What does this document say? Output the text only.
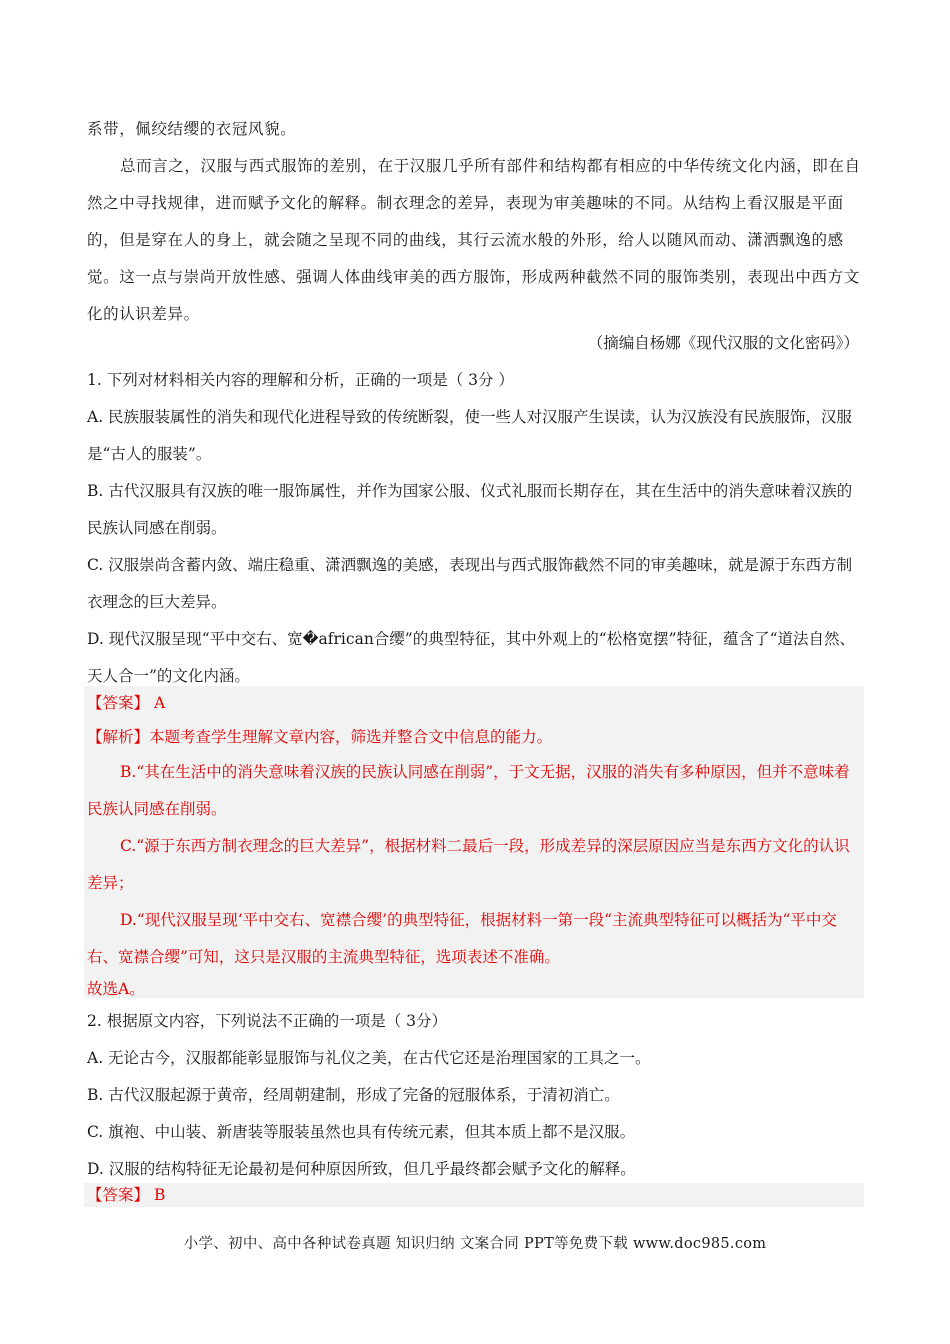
系带，佩绞结缨的衣冠风貌。

总而言之，汉服与西式服饰的差别，在于汉服几乎所有部件和结构都有相应的中华传统文化内涵，即在自然之中寻找规律，进而赋予文化的解释。制衣理念的差异，表现为审美趣味的不同。从结构上看汉服是平面的，但是穿在人的身上，就会随之呈现不同的曲线，其行云流水般的外形，给人以随风而动、潇洒飘逸的感觉。这一点与崇尚开放性感、强调人体曲线审美的西方服饰，形成两种截然不同的服饰类别，表现出中西方文化的认识差异。

（摘编自杨娜《现代汉服的文化密码》）

1. 下列对材料相关内容的理解和分析，正确的一项是（ 3分 ）

A. 民族服装属性的消失和现代化进程导致的传统断裂，使一些人对汉服产生误读，认为汉族没有民族服饰，汉服是“古人的服装”。

B. 古代汉服具有汉族的唯一服饰属性，并作为国家公服、仪式礼服而长期存在，其在生活中的消失意味着汉族的民族认同感在削弱。

C. 汉服崇尚含蓄内敛、端庄稳重、潇洒飘逸的美感，表现出与西式服饰截然不同的审美趣味，就是源于东西方制衣理念的巨大差异。

D. 现代汉服呈现“平中交右、宽�african合缨”的典型特征，其中外观上的“松格宽摆”特征，蕴含了“道法自然、天人合一”的文化内涵。

【答案】 A

【解析】本题考查学生理解文章内容，筛选并整合文中信息的能力。

B.“其在生活中的消失意味着汉族的民族认同感在削弱”，于文无据，汉服的消失有多种原因，但并不意味着民族认同感在削弱。

C.“源于东西方制衣理念的巨大差异”，根据材料二最后一段，形成差异的深层原因应当是东西方文化的认识差异；

D.“现代汉服呈现‘平中交右、宽襟合缨’的典型特征，根据材料一第一段“主流典型特征可以概括为“平中交右、宽襟合缨”可知，这只是汉服的主流典型特征，选项表述不准确。

故选A。

2. 根据原文内容，下列说法不正确的一项是（ 3分）

A. 无论古今，汉服都能彰显服饰与礼仪之美，在古代它还是治理国家的工具之一。

B. 古代汉服起源于黄帝，经周朝建制，形成了完备的冠服体系，于清初消亡。

C. 旗袍、中山装、新唐装等服装虽然也具有传统元素，但其本质上都不是汉服。

D. 汉服的结构特征无论最初是何种原因所致，但几乎最终都会赋予文化的解释。

【答案】 B

小学、初中、高中各种试卷真题 知识归纳 文案合同 PPT等免费下载 www.doc985.com
